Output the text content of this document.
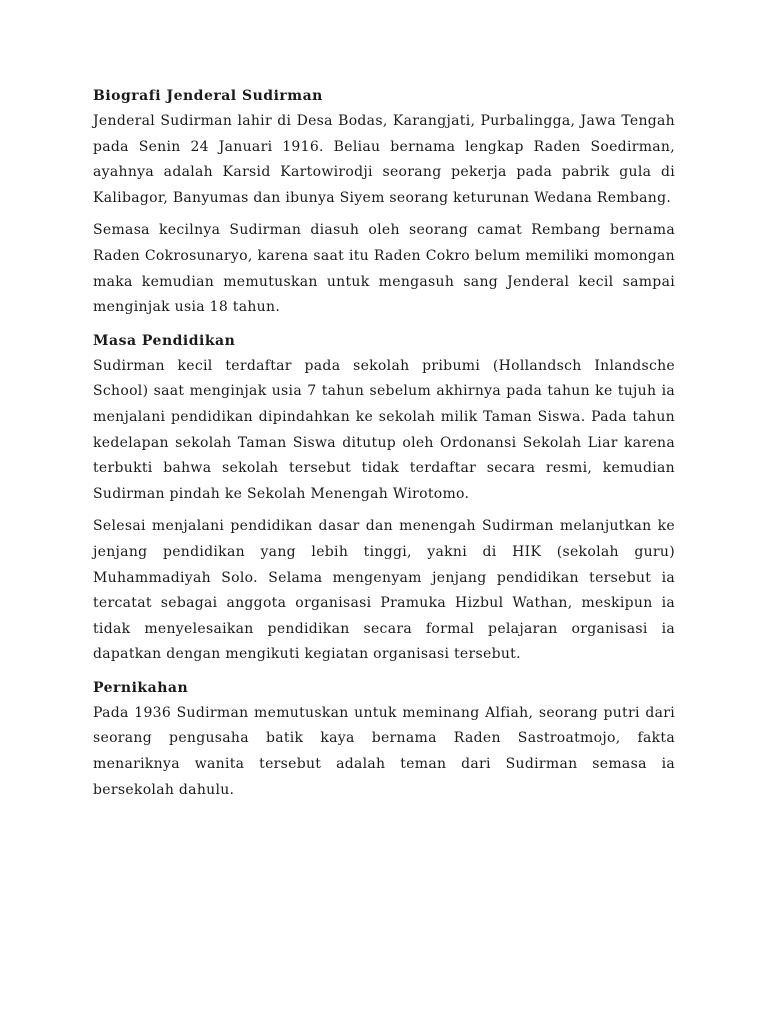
Biografi Jenderal Sudirman

Jenderal Sudirman lahir di Desa Bodas, Karangjati, Purbalingga, Jawa Tengah pada Senin 24 Januari 1916. Beliau bernama lengkap Raden Soedirman, ayahnya adalah Karsid Kartowirodji seorang pekerja pada pabrik gula di Kalibagor, Banyumas dan ibunya Siyem seorang keturunan Wedana Rembang.

Semasa kecilnya Sudirman diasuh oleh seorang camat Rembang bernama Raden Cokrosunaryo, karena saat itu Raden Cokro belum memiliki momongan maka kemudian memutuskan untuk mengasuh sang Jenderal kecil sampai menginjak usia 18 tahun.

Masa Pendidikan

Sudirman kecil terdaftar pada sekolah pribumi (Hollandsch Inlandsche School) saat menginjak usia 7 tahun sebelum akhirnya pada tahun ke tujuh ia menjalani pendidikan dipindahkan ke sekolah milik Taman Siswa. Pada tahun kedelapan sekolah Taman Siswa ditutup oleh Ordonansi Sekolah Liar karena terbukti bahwa sekolah tersebut tidak terdaftar secara resmi, kemudian Sudirman pindah ke Sekolah Menengah Wirotomo.

Selesai menjalani pendidikan dasar dan menengah Sudirman melanjutkan ke jenjang pendidikan yang lebih tinggi, yakni di HIK (sekolah guru) Muhammadiyah Solo. Selama mengenyam jenjang pendidikan tersebut ia tercatat sebagai anggota organisasi Pramuka Hizbul Wathan, meskipun ia tidak menyelesaikan pendidikan secara formal pelajaran organisasi ia dapatkan dengan mengikuti kegiatan organisasi tersebut.

Pernikahan

Pada 1936 Sudirman memutuskan untuk meminang Alfiah, seorang putri dari seorang pengusaha batik kaya bernama Raden Sastroatmojo, fakta menariknya wanita tersebut adalah teman dari Sudirman semasa ia bersekolah dahulu.
